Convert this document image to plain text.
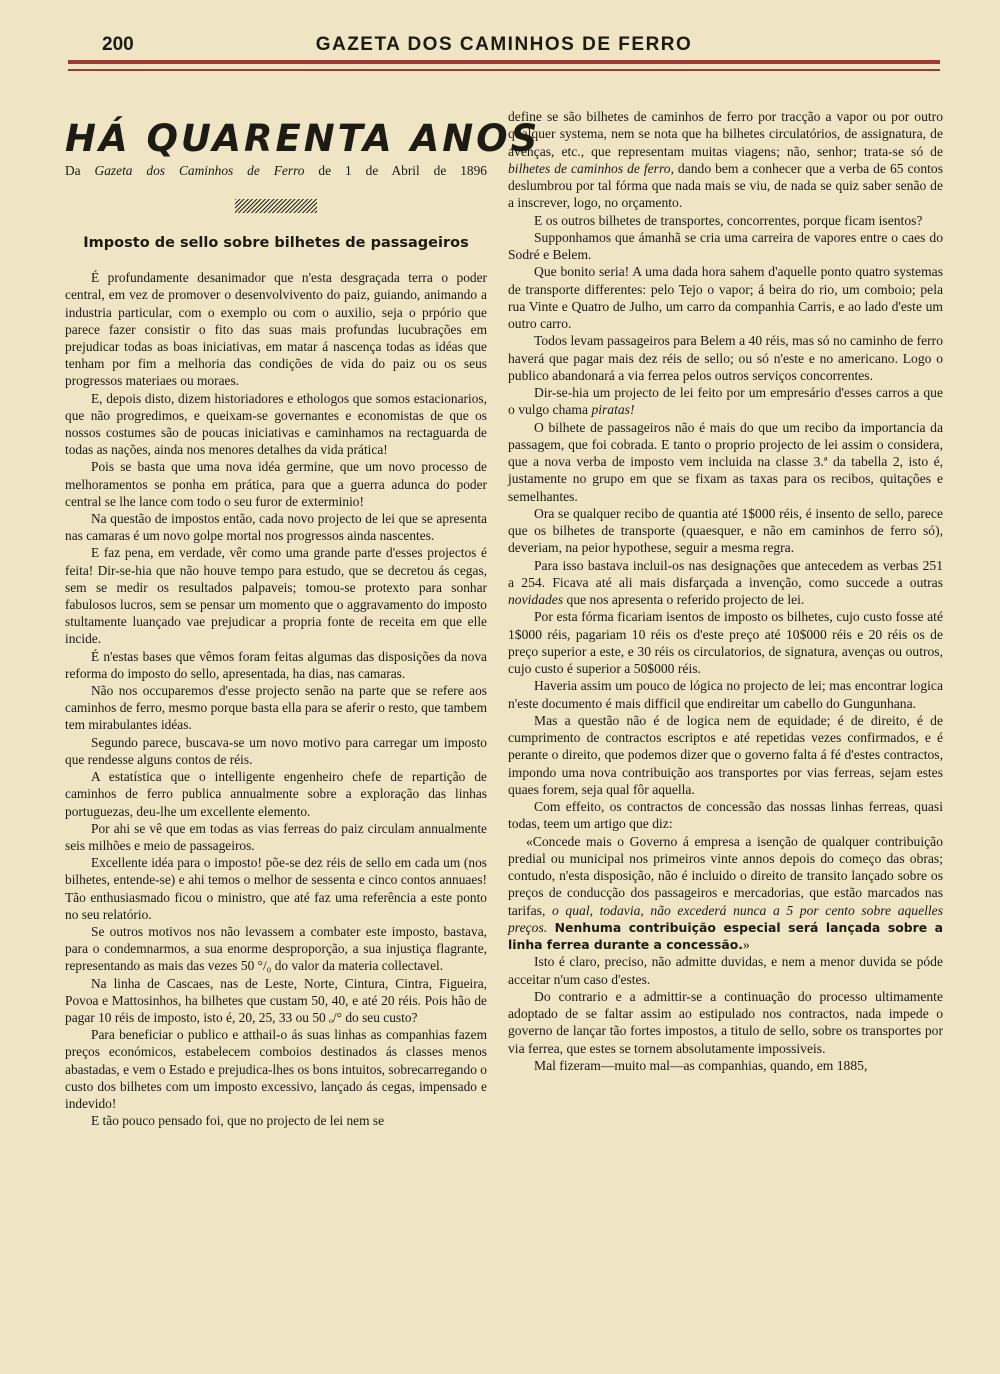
200	GAZETA DOS CAMINHOS DE FERRO
HÁ QUARENTA ANOS

Da Gazeta dos Caminhos de Ferro de 1 de Abril de 1896

Imposto de sello sobre bilhetes de passageiros

É profundamente desanimador que n'esta desgraçada terra o poder central, em vez de promover o desenvolvivento do paiz, guiando, animando a industria particular, com o exemplo ou com o auxilio, seja o prpório que parece fazer consistir o fito das suas mais profundas lucubrações em prejudicar todas as boas iniciativas, em matar á nascença todas as idéas que tenham por fim a melhoria das condições de vida do paiz ou os seus progressos materiaes ou moraes.

E, depois disto, dizem historiadores e ethologos que somos estacionarios, que não progredimos, e queixam-se governantes e economistas de que os nossos costumes são de poucas iniciativas e caminhamos na rectaguarda de todas as nações, ainda nos menores detalhes da vida prática!

Pois se basta que uma nova idéa germine, que um novo processo de melhoramentos se ponha em prática, para que a guerra adunca do poder central se lhe lance com todo o seu furor de exterminio!

Na questão de impostos então, cada novo projecto de lei que se apresenta nas camaras é um novo golpe mortal nos progressos ainda nascentes.

E faz pena, em verdade, vêr como uma grande parte d'esses projectos é feita! Dir-se-hia que não houve tempo para estudo, que se decretou ás cegas, sem se medir os resultados palpaveis; tomou-se protexto para sonhar fabulosos lucros, sem se pensar um momento que o aggravamento do imposto stultamente luançado vae prejudicar a propria fonte de receita em que elle incide.

É n'estas bases que vêmos foram feitas algumas das disposições da nova reforma do imposto do sello, apresentada, ha dias, nas camaras.

Não nos occuparemos d'esse projecto senão na parte que se refere aos caminhos de ferro, mesmo porque basta ella para se aferir o resto, que tambem tem mirabulantes idéas.

Segundo parece, buscava-se um novo motivo para carregar um imposto que rendesse alguns contos de réis.

A estatística que o intelligente engenheiro chefe de repartição de caminhos de ferro publica annualmente sobre a exploração das linhas portuguezas, deu-lhe um excellente elemento.

Por ahi se vê que em todas as vias ferreas do paiz circulam annualmente seis milhões e meio de passageiros.

Excellente idéa para o imposto! põe-se dez réis de sello em cada um (nos bilhetes, entende-se) e ahi temos o melhor de sessenta e cinco contos annuaes! Tão enthusiasmado ficou o ministro, que até faz uma referência a este ponto no seu relatório.

Se outros motivos nos não levassem a combater este imposto, bastava, para o condemnarmos, a sua enorme desproporção, a sua injustiça flagrante, representando as mais das vezes 50 °/₀ do valor da materia collectavel.

Na linha de Cascaes, nas de Leste, Norte, Cintura, Cintra, Figueira, Povoa e Mattosinhos, ha bilhetes que custam 50, 40, e até 20 réis. Pois hão de pagar 10 réis de imposto, isto é, 20, 25, 33 ou 50 ₒ/° do seu custo?

Para beneficiar o publico e atthail-o ás suas linhas as companhias fazem preços económicos, estabelecem comboios destinados ás classes menos abastadas, e vem o Estado e prejudica-lhes os bons intuitos, sobrecarregando o custo dos bilhetes com um imposto excessivo, lançado ás cegas, impensado e indevido!

E tão pouco pensado foi, que no projecto de lei nem se

define se são bilhetes de caminhos de ferro por tracção a vapor ou por outro qualquer systema, nem se nota que ha bilhetes circulatórios, de assignatura, de avenças, etc., que representam muitas viagens; não, senhor; trata-se só de bilhetes de caminhos de ferro, dando bem a conhecer que a verba de 65 contos deslumbrou por tal fórma que nada mais se viu, de nada se quiz saber senão de a inscrever, logo, no orçamento.

E os outros bilhetes de transportes, concorrentes, porque ficam isentos?

Supponhamos que ámanhã se cria uma carreira de vapores entre o caes do Sodré e Belem.

Que bonito seria! A uma dada hora sahem d'aquelle ponto quatro systemas de transporte differentes: pelo Tejo o vapor; á beira do rio, um comboio; pela rua Vinte e Quatro de Julho, um carro da companhia Carris, e ao lado d'este um outro carro.

Todos levam passageiros para Belem a 40 réis, mas só no caminho de ferro haverá que pagar mais dez réis de sello; ou só n'este e no americano. Logo o publico abandonará a via ferrea pelos outros serviços concorrentes.

Dir-se-hia um projecto de lei feito por um empresário d'esses carros a que o vulgo chama piratas!

O bilhete de passageiros não é mais do que um recibo da importancia da passagem, que foi cobrada. E tanto o proprio projecto de lei assim o considera, que a nova verba de imposto vem incluida na classe 3.ª da tabella 2, isto é, justamente no grupo em que se fixam as taxas para os recibos, quitações e semelhantes.

Ora se qualquer recibo de quantia até 1$000 réis, é insento de sello, parece que os bilhetes de transporte (quaesquer, e não em caminhos de ferro só), deveriam, na peior hypothese, seguir a mesma regra.

Para isso bastava incluil-os nas designações que antecedem as verbas 251 a 254. Ficava até ali mais disfarçada a invenção, como succede a outras novidades que nos apresenta o referido projecto de lei.

Por esta fórma ficariam isentos de imposto os bilhetes, cujo custo fosse até 1$000 réis, pagariam 10 réis os d'este preço até 10$000 réis e 20 réis os de preço superior a este, e 30 réis os circulatorios, de signatura, avenças ou outros, cujo custo é superior a 50$000 réis.

Haveria assim um pouco de lógica no projecto de lei; mas encontrar logica n'este documento é mais difficil que endireitar um cabello do Gungunhana.

Mas a questão não é de logica nem de equidade; é de direito, é de cumprimento de contractos escriptos e até repetidas vezes confirmados, e é perante o direito, que podemos dizer que o governo falta á fé d'estes contractos, impondo uma nova contribuição aos transportes por vias ferreas, sejam estes quaes forem, seja qual fôr aquella.

Com effeito, os contractos de concessão das nossas linhas ferreas, quasi todas, teem um artigo que diz:

«Concede mais o Governo á empresa a isenção de qualquer contribuição predial ou municipal nos primeiros vinte annos depois do começo das obras; contudo, n'esta disposição, não é incluido o direito de transito lançado sobre os preços de conducção dos passageiros e mercadorias, que estão marcados nas tarifas, o qual, todavia, não excederá nunca a 5 por cento sobre aquelles preços. Nenhuma contribuição especial será lançada sobre a linha ferrea durante a concessão.»

Isto é claro, preciso, não admitte duvidas, e nem a menor duvida se póde acceitar n'um caso d'estes.

Do contrario e a admittir-se a continuação do processo ultimamente adoptado de se faltar assim ao estipulado nos contractos, nada impede o governo de lançar tão fortes impostos, a titulo de sello, sobre os transportes por via ferrea, que estes se tornem absolutamente impossiveis.

Mal fizeram—muito mal—as companhias, quando, em 1885,
